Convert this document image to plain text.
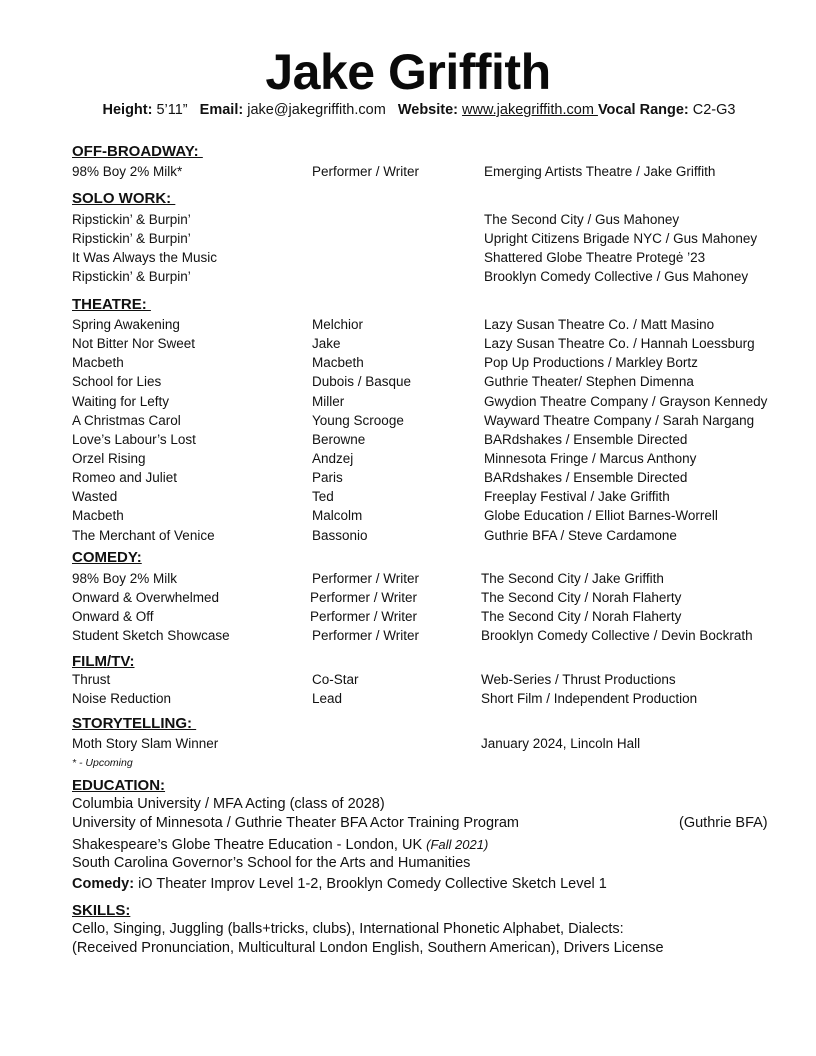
Jake Griffith
Height: 5’11” Email: jake@jakegriffith.com Website: www.jakegriffith.com Vocal Range: C2-G3
OFF-BROADWAY:
SOLO WORK:
THEATRE:
COMEDY:
FILM/TV:
STORYTELLING:
98% Boy 2% Milk*	Performer / Writer	Emerging Artists Theatre / Jake Griffith
Ripstickin’ & Burpin’	The Second City / Gus Mahoney
Ripstickin’ & Burpin’	Upright Citizens Brigade NYC / Gus Mahoney
It Was Always the Music	Shattered Globe Theatre Protegė ’23
Ripstickin’ & Burpin’	Brooklyn Comedy Collective / Gus Mahoney
Spring Awakening	Melchior	Lazy Susan Theatre Co. / Matt Masino
Not Bitter Nor Sweet	Jake	Lazy Susan Theatre Co. / Hannah Loessburg
Macbeth	Macbeth	Pop Up Productions / Markley Bortz
School for Lies	Dubois / Basque	Guthrie Theater/ Stephen Dimenna
Waiting for Lefty	Miller	Gwydion Theatre Company / Grayson Kennedy
A Christmas Carol	Young Scrooge	Wayward Theatre Company / Sarah Nargang
Love’s Labour’s Lost	Berowne	BARdshakes / Ensemble Directed
Orzel Rising	Andzej	Minnesota Fringe / Marcus Anthony
Romeo and Juliet	Paris	BARdshakes / Ensemble Directed
Wasted	Ted	Freeplay Festival / Jake Griffith
Macbeth	Malcolm	Globe Education / Elliot Barnes-Worrell
The Merchant of Venice	Bassonio	Guthrie BFA / Steve Cardamone
98% Boy 2% Milk	Performer / Writer	The Second City / Jake Griffith
Onward & Overwhelmed	Performer / Writer	The Second City / Norah Flaherty
Onward & Off	Performer / Writer	The Second City / Norah Flaherty
Student Sketch Showcase	Performer / Writer	Brooklyn Comedy Collective / Devin Bockrath
Thrust	Co-Star	Web-Series / Thrust Productions
Noise Reduction	Lead	Short Film / Independent Production
Moth Story Slam Winner	January 2024, Lincoln Hall
* - Upcoming
EDUCATION:
Columbia University / MFA Acting (class of 2028)
University of Minnesota / Guthrie Theater BFA Actor Training Program	(Guthrie BFA)
Shakespeare’s Globe Theatre Education - London, UK (Fall 2021)
South Carolina Governor’s School for the Arts and Humanities
Comedy: iO Theater Improv Level 1-2, Brooklyn Comedy Collective Sketch Level 1
SKILLS:
Cello, Singing, Juggling (balls+tricks, clubs), International Phonetic Alphabet, Dialects:
(Received Pronunciation, Multicultural London English, Southern American), Drivers License
